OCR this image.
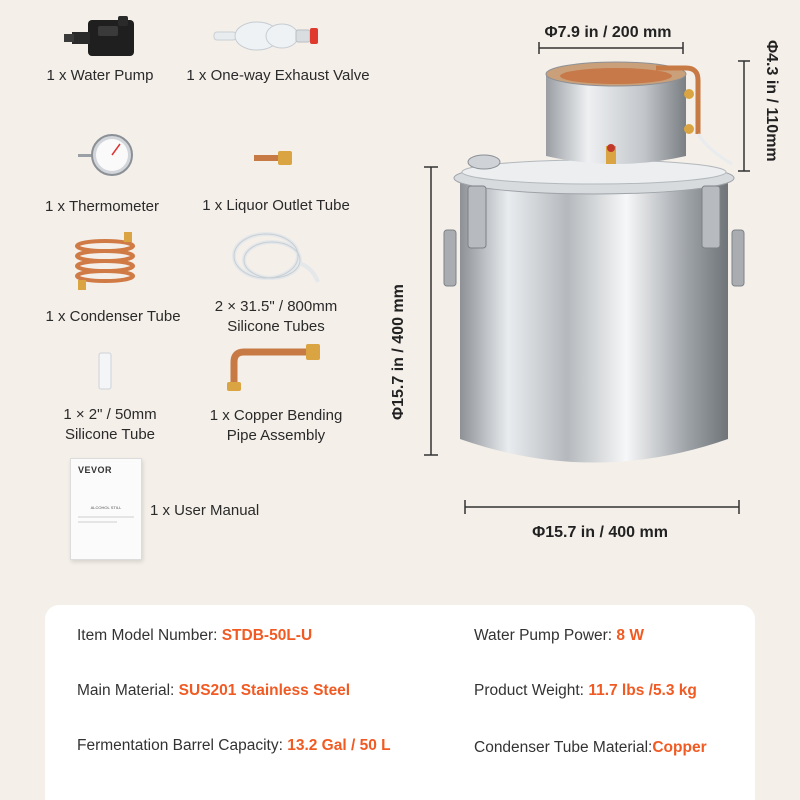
1 x Water Pump	1 x One-way Exhaust Valve
1 x Thermometer	1 x Liquor Outlet Tube
1 x Condenser Tube
2 × 31.5" / 800mm
Silicone Tubes
1 × 2" / 50mm
Silicone Tube
1 x Copper Bending
Pipe Assembly
VEVOR
ALCOHOL STILL	1 x User Manual
Φ7.9 in / 200 mm
Φ4.3 in / 110mm
Φ15.7 in / 400 mm
Φ15.7 in / 400 mm
Item Model Number: STDB-50L-U	Water Pump Power: 8 W
Main Material: SUS201 Stainless Steel	Product Weight: 11.7 lbs /5.3 kg
Fermentation Barrel Capacity: 13.2 Gal / 50 L	Condenser Tube Material:Copper
